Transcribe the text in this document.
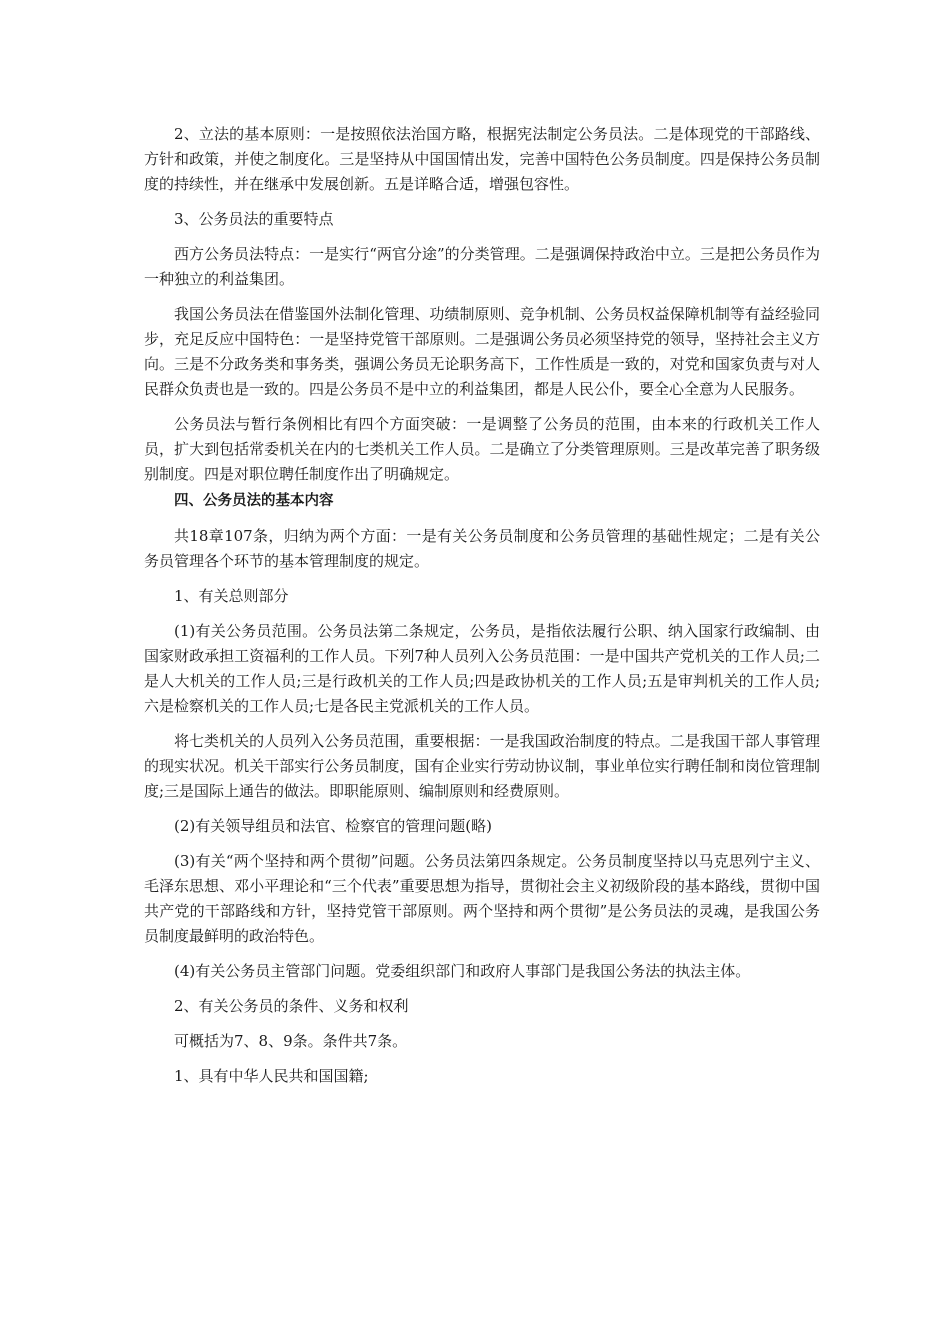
2、立法的基本原则：一是按照依法治国方略，根据宪法制定公务员法。二是体现党的干部路线、方针和政策，并使之制度化。三是坚持从中国国情出发，完善中国特色公务员制度。四是保持公务员制度的持续性，并在继承中发展创新。五是详略合适，增强包容性。

3、公务员法的重要特点

西方公务员法特点：一是实行“两官分途”的分类管理。二是强调保持政治中立。三是把公务员作为一种独立的利益集团。

我国公务员法在借鉴国外法制化管理、功绩制原则、竞争机制、公务员权益保障机制等有益经验同步，充足反应中国特色：一是坚持党管干部原则。二是强调公务员必须坚持党的领导，坚持社会主义方向。三是不分政务类和事务类，强调公务员无论职务高下，工作性质是一致的，对党和国家负责与对人民群众负责也是一致的。四是公务员不是中立的利益集团，都是人民公仆，要全心全意为人民服务。

公务员法与暂行条例相比有四个方面突破：一是调整了公务员的范围，由本来的行政机关工作人员，扩大到包括常委机关在内的七类机关工作人员。二是确立了分类管理原则。三是改革完善了职务级别制度。四是对职位聘任制度作出了明确规定。

四、公务员法的基本内容

共18章107条，归纳为两个方面：一是有关公务员制度和公务员管理的基础性规定；二是有关公务员管理各个环节的基本管理制度的规定。

1、有关总则部分

(1)有关公务员范围。公务员法第二条规定，公务员，是指依法履行公职、纳入国家行政编制、由国家财政承担工资福利的工作人员。下列7种人员列入公务员范围：一是中国共产党机关的工作人员;二是人大机关的工作人员;三是行政机关的工作人员;四是政协机关的工作人员;五是审判机关的工作人员;六是检察机关的工作人员;七是各民主党派机关的工作人员。

将七类机关的人员列入公务员范围，重要根据：一是我国政治制度的特点。二是我国干部人事管理的现实状况。机关干部实行公务员制度，国有企业实行劳动协议制，事业单位实行聘任制和岗位管理制度;三是国际上通告的做法。即职能原则、编制原则和经费原则。

(2)有关领导组员和法官、检察官的管理问题(略)

(3)有关“两个坚持和两个贯彻”问题。公务员法第四条规定。公务员制度坚持以马克思列宁主义、毛泽东思想、邓小平理论和“三个代表”重要思想为指导，贯彻社会主义初级阶段的基本路线，贯彻中国共产党的干部路线和方针，坚持党管干部原则。两个坚持和两个贯彻”是公务员法的灵魂，是我国公务员制度最鲜明的政治特色。

(4)有关公务员主管部门问题。党委组织部门和政府人事部门是我国公务法的执法主体。

2、有关公务员的条件、义务和权利

可概括为7、8、9条。条件共7条。

1、具有中华人民共和国国籍;
